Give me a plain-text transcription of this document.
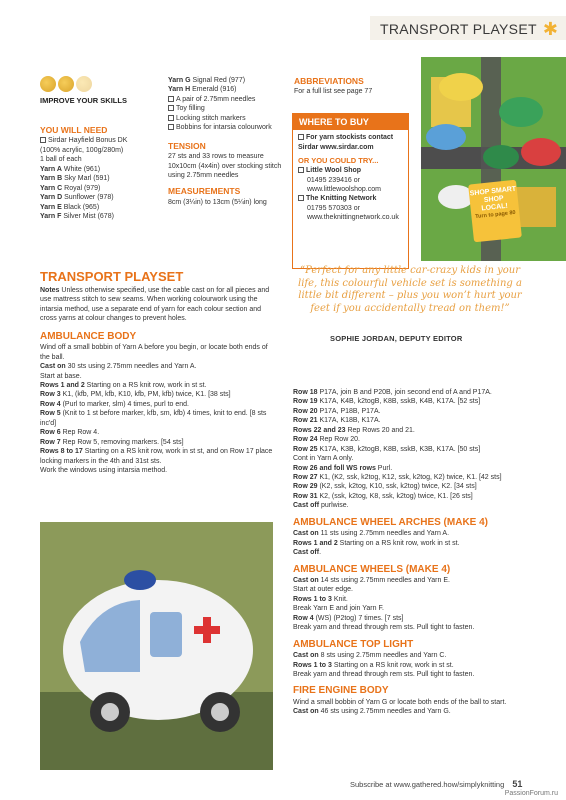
TRANSPORT PLAYSET ✱
IMPROVE YOUR SKILLS
YOU WILL NEED
Sirdar Hayfield Bonus DK
(100% acrylic, 100g/280m)
1 ball of each
Yarn A White (961)
Yarn B Sky Marl (591)
Yarn C Royal (979)
Yarn D Sunflower (978)
Yarn E Black (965)
Yarn F Silver Mist (678)
Yarn G Signal Red (977)
Yarn H Emerald (916)
A pair of 2.75mm needles
Toy filling
Locking stitch markers
Bobbins for intarsia colourwork
TENSION
27 sts and 33 rows to measure 10x10cm (4x4in) over stocking stitch using 2.75mm needles
MEASUREMENTS
8cm (3¼in) to 13cm (5¼in) long
ABBREVIATIONS
For a full list see page 77
WHERE TO BUY
For yarn stockists contact Sirdar www.sirdar.com
OR YOU COULD TRY...
Little Wool Shop
01495 239416 or www.littlewoolshop.com
The Knitting Network
01795 570303 or www.theknittingnetwork.co.uk
SHOP SMART
SHOP LOCAL!
Turn to page 80
TRANSPORT PLAYSET
Notes Unless otherwise specified, use the cable cast on for all pieces and use mattress stitch to sew seams. When working colourwork using the intarsia method, use a separate end of yarn for each colour section and cross yarns at colour changes to prevent holes.
AMBULANCE BODY
Wind off a small bobbin of Yarn A before you begin, or locate both ends of the ball.
Cast on 30 sts using 2.75mm needles and Yarn A.
Start at base.
Rows 1 and 2 Starting on a RS knit row, work in st st.
Row 3 K1, (kfb, PM, kfb, K10, kfb, PM, kfb) twice, K1. [38 sts]
Row 4 (Purl to marker, slm) 4 times, purl to end.
Row 5 (Knit to 1 st before marker, kfb, sm, kfb) 4 times, knit to end. [8 sts inc'd]
Row 6 Rep Row 4.
Row 7 Rep Row 5, removing markers. [54 sts]
Rows 8 to 17 Starting on a RS knit row, work in st st, and on Row 17 place locking markers in the 4th and 31st sts.
Work the windows using intarsia method.
“Perfect for any little car-crazy kids in your life, this colourful vehicle set is something a little bit different – plus you won’t hurt your feet if you accidentally tread on them!”
SOPHIE JORDAN, DEPUTY EDITOR
Row 18 P17A, join B and P20B, join second end of A and P17A.
Row 19 K17A, K4B, k2togB, K8B, sskB, K4B, K17A. [52 sts]
Row 20 P17A, P18B, P17A.
Row 21 K17A, K18B, K17A.
Rows 22 and 23 Rep Rows 20 and 21.
Row 24 Rep Row 20.
Row 25 K17A, K3B, k2togB, K8B, sskB, K3B, K17A. [50 sts]
Cont in Yarn A only.
Row 26 and foll WS rows Purl.
Row 27 K1, (K2, ssk, k2tog, K12, ssk, k2tog, K2) twice, K1. [42 sts]
Row 29 (K2, ssk, k2tog, K10, ssk, k2tog) twice, K2. [34 sts]
Row 31 K2, (ssk, k2tog, K8, ssk, k2tog) twice, K1. [26 sts]
Cast off purlwise.
AMBULANCE WHEEL ARCHES (MAKE 4)
Cast on 11 sts using 2.75mm needles and Yarn A.
Rows 1 and 2 Starting on a RS knit row, work in st st.
Cast off.
AMBULANCE WHEELS (MAKE 4)
Cast on 14 sts using 2.75mm needles and Yarn E.
Start at outer edge.
Rows 1 to 3 Knit.
Break Yarn E and join Yarn F.
Row 4 (WS) (P2tog) 7 times. [7 sts]
Break yarn and thread through rem sts. Pull tight to fasten.
AMBULANCE TOP LIGHT
Cast on 8 sts using 2.75mm needles and Yarn C.
Rows 1 to 3 Starting on a RS knit row, work in st st.
Break yarn and thread through rem sts. Pull tight to fasten.
FIRE ENGINE BODY
Wind a small bobbin of Yarn G or locate both ends of the ball to start.
Cast on 46 sts using 2.75mm needles and Yarn G.
Subscribe at www.gathered.how/simplyknitting 51
PassionForum.ru
